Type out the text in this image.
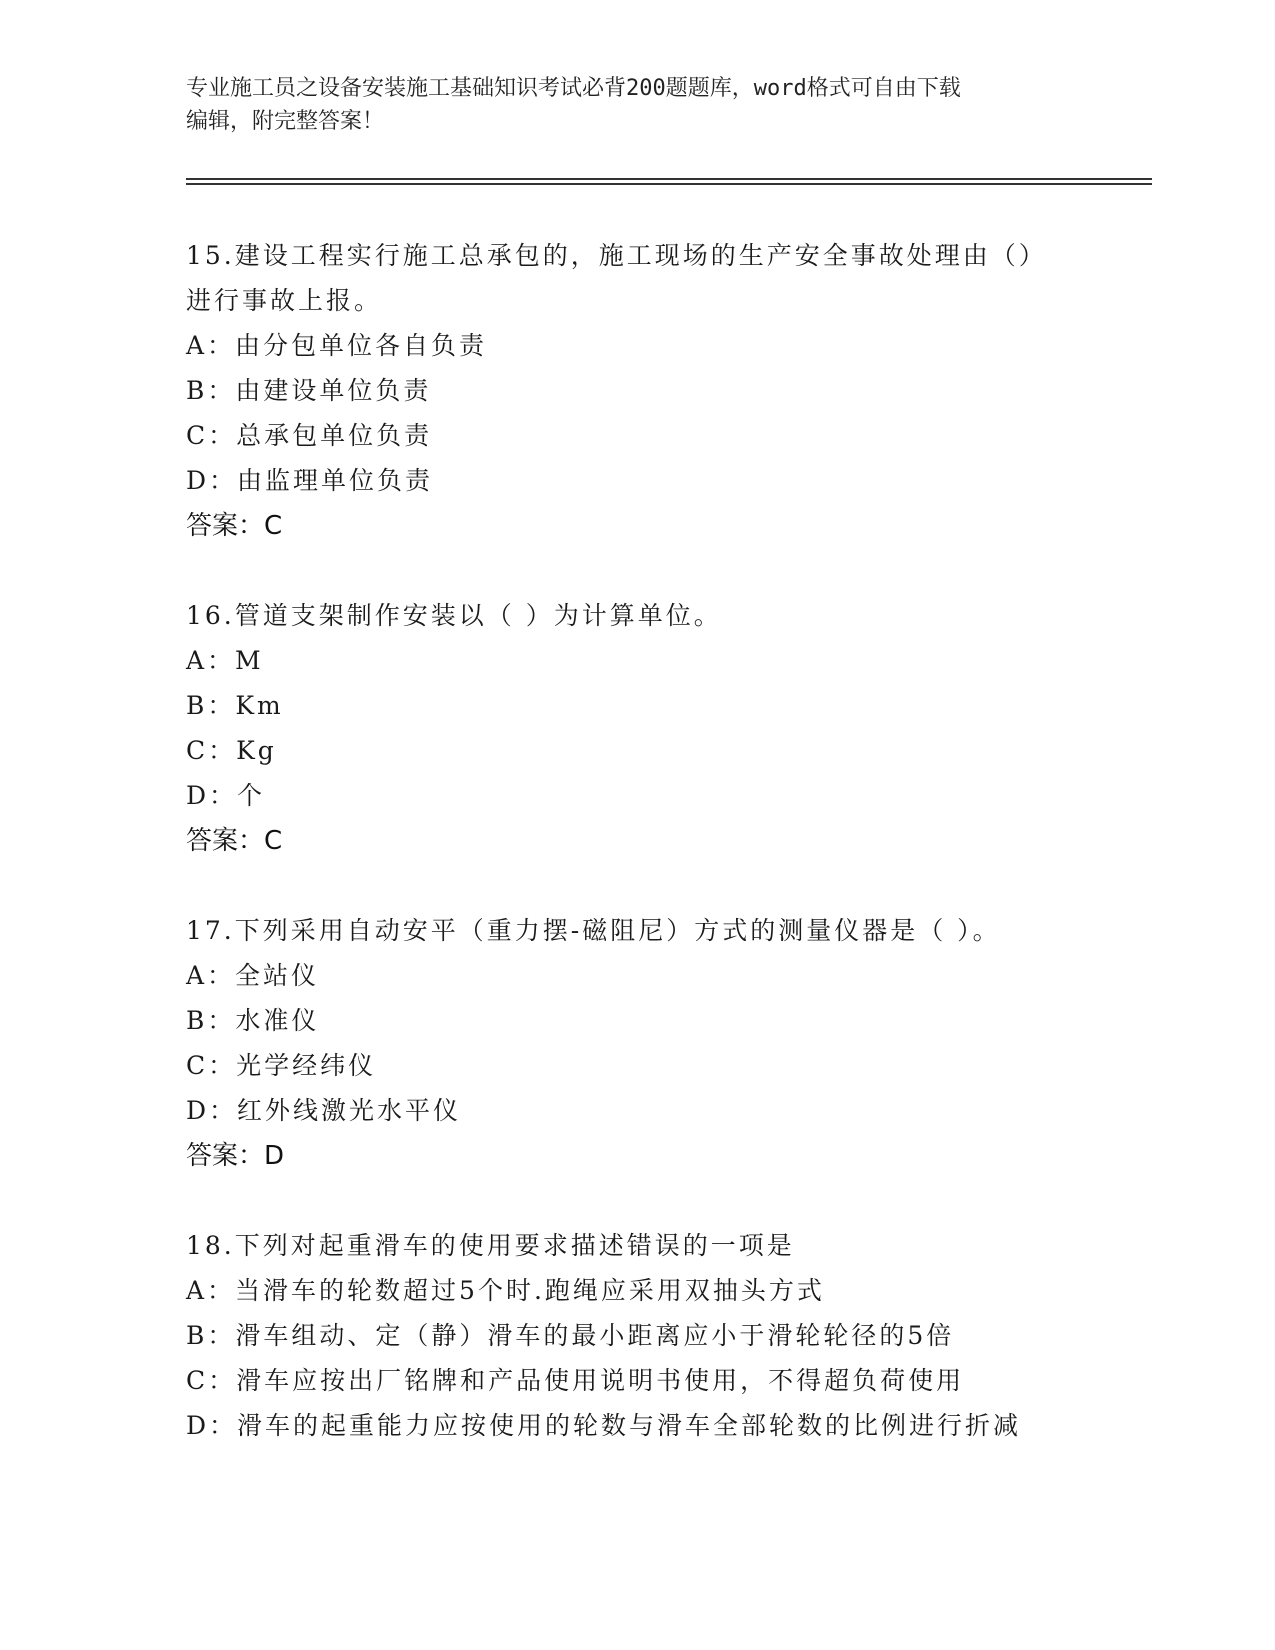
专业施工员之设备安装施工基础知识考试必背200题题库，word格式可自由下载
编辑，附完整答案！
15.建设工程实行施工总承包的，施工现场的生产安全事故处理由（）进行事故上报。
A：由分包单位各自负责
B：由建设单位负责
C：总承包单位负责
D：由监理单位负责
答案：C
16.管道支架制作安装以（ ）为计算单位。
A：M
B：Km
C：Kg
D：个
答案：C
17.下列采用自动安平（重力摆-磁阻尼）方式的测量仪器是（ ）。
A：全站仪
B：水准仪
C：光学经纬仪
D：红外线激光水平仪
答案：D
18.下列对起重滑车的使用要求描述错误的一项是
A：当滑车的轮数超过5个时.跑绳应采用双抽头方式
B：滑车组动、定（静）滑车的最小距离应小于滑轮轮径的5倍
C：滑车应按出厂铭牌和产品使用说明书使用，不得超负荷使用
D：滑车的起重能力应按使用的轮数与滑车全部轮数的比例进行折减
